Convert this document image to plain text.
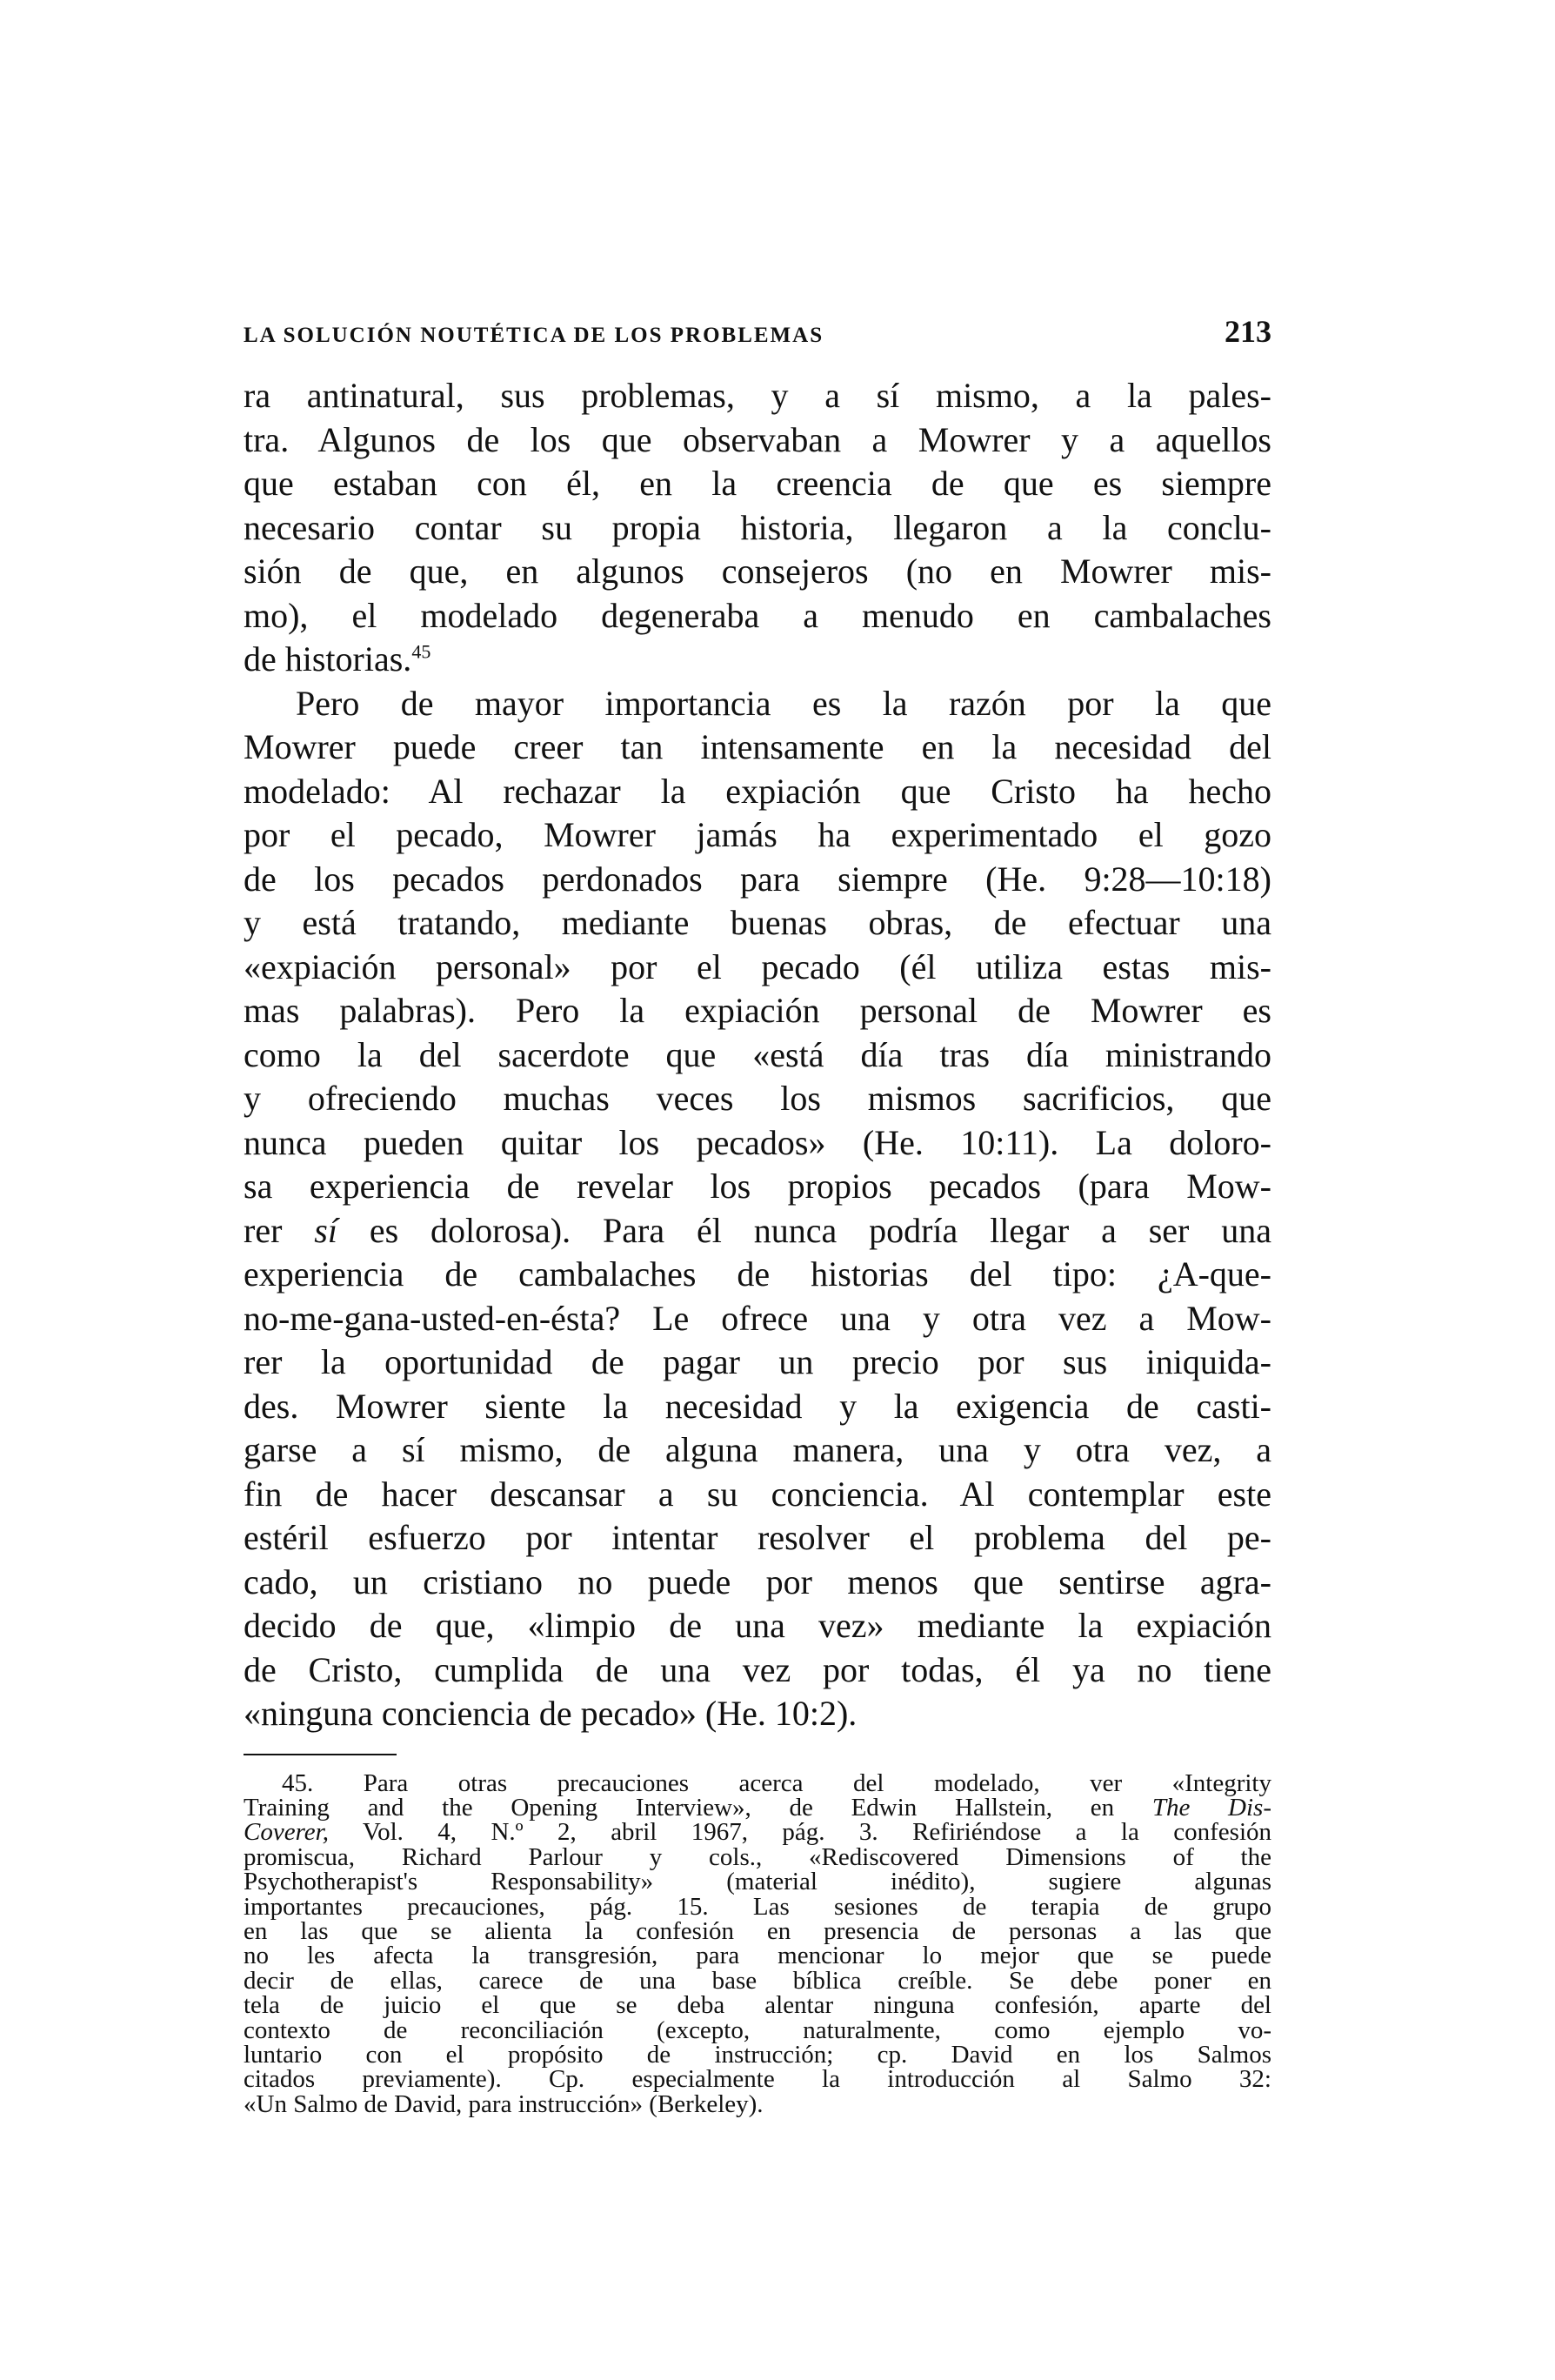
LA SOLUCIÓN NOUTÉTICA DE LOS PROBLEMAS	213

ra antinatural, sus problemas, y a sí mismo, a la pales-
tra. Algunos de los que observaban a Mowrer y a aquellos
que estaban con él, en la creencia de que es siempre
necesario contar su propia historia, llegaron a la conclu-
sión de que, en algunos consejeros (no en Mowrer mis-
mo), el modelado degeneraba a menudo en cambalaches
de historias.$^{45}$

Pero de mayor importancia es la razón por la que
Mowrer puede creer tan intensamente en la necesidad del
modelado: Al rechazar la expiación que Cristo ha hecho
por el pecado, Mowrer jamás ha experimentado el gozo
de los pecados perdonados para siempre (He. 9:28—10:18)
y está tratando, mediante buenas obras, de efectuar una
«expiación personal» por el pecado (él utiliza estas mis-
mas palabras). Pero la expiación personal de Mowrer es
como la del sacerdote que «está día tras día ministrando
y ofreciendo muchas veces los mismos sacrificios, que
nunca pueden quitar los pecados» (He. 10:11). La doloro-
sa experiencia de revelar los propios pecados (para Mow-
rer sí es dolorosa). Para él nunca podría llegar a ser una
experiencia de cambalaches de historias del tipo: ¿A-que-
no-me-gana-usted-en-ésta? Le ofrece una y otra vez a Mow-
rer la oportunidad de pagar un precio por sus iniquida-
des. Mowrer siente la necesidad y la exigencia de casti-
garse a sí mismo, de alguna manera, una y otra vez, a
fin de hacer descansar a su conciencia. Al contemplar este
estéril esfuerzo por intentar resolver el problema del pe-
cado, un cristiano no puede por menos que sentirse agra-
decido de que, «limpio de una vez» mediante la expiación
de Cristo, cumplida de una vez por todas, él ya no tiene
«ninguna conciencia de pecado» (He. 10:2).

45. Para otras precauciones acerca del modelado, ver «Integrity
Training and the Opening Interview», de Edwin Hallstein, en The Dis-
Coverer, Vol. 4, N.º 2, abril 1967, pág. 3. Refiriéndose a la confesión
promiscua, Richard Parlour y cols., «Rediscovered Dimensions of the
Psychotherapist's Responsability» (material inédito), sugiere algunas
importantes precauciones, pág. 15. Las sesiones de terapia de grupo
en las que se alienta la confesión en presencia de personas a las que
no les afecta la transgresión, para mencionar lo mejor que se puede
decir de ellas, carece de una base bíblica creíble. Se debe poner en
tela de juicio el que se deba alentar ninguna confesión, aparte del
contexto de reconciliación (excepto, naturalmente, como ejemplo vo-
luntario con el propósito de instrucción; cp. David en los Salmos
citados previamente). Cp. especialmente la introducción al Salmo 32:
«Un Salmo de David, para instrucción» (Berkeley).
